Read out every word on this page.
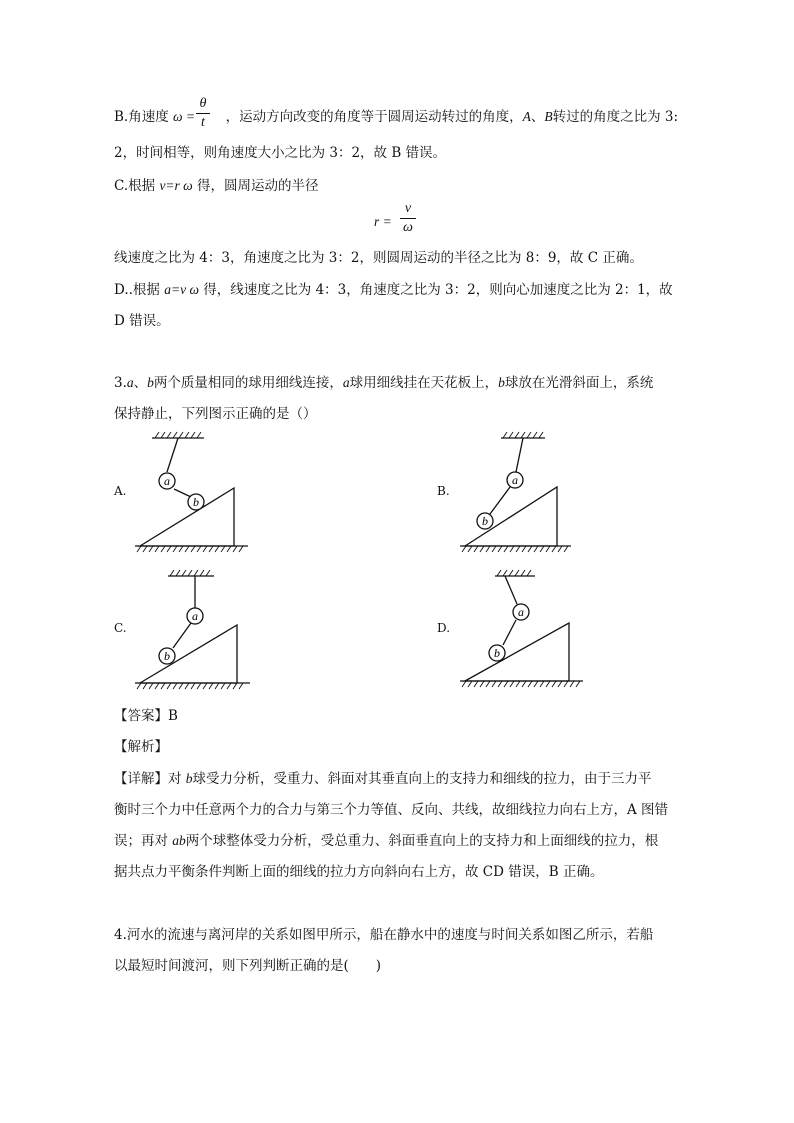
B.角速度 ω = ，运动方向改变的角度等于圆周运动转过的角度，A、B转过的角度之比为 3:
θ
t
2，时间相等，则角速度大小之比为 3：2，故 B 错误。
C.根据 v=r ω 得，圆周运动的半径
r =
v
ω
线速度之比为 4：3，角速度之比为 3：2，则圆周运动的半径之比为 8：9，故 C 正确。
D..根据 a=v ω 得，线速度之比为 4：3，角速度之比为 3：2，则向心加速度之比为 2：1，故
D 错误。
3.a、b两个质量相同的球用细线连接，a球用细线挂在天花板上，b球放在光滑斜面上，系统
保持静止，下列图示正确的是（）
A.	B.
C.	D.
a
b
a
b
a
b
a
b
【答案】B
【解析】
【详解】对 b球受力分析，受重力、斜面对其垂直向上的支持力和细线的拉力，由于三力平
衡时三个力中任意两个力的合力与第三个力等值、反向、共线，故细线拉力向右上方，A 图错
误；再对 ab两个球整体受力分析，受总重力、斜面垂直向上的支持力和上面细线的拉力，根
据共点力平衡条件判断上面的细线的拉力方向斜向右上方，故 CD 错误，B 正确。
4.河水的流速与离河岸的关系如图甲所示，船在静水中的速度与时间关系如图乙所示，若船
以最短时间渡河，则下列判断正确的是(　　)
